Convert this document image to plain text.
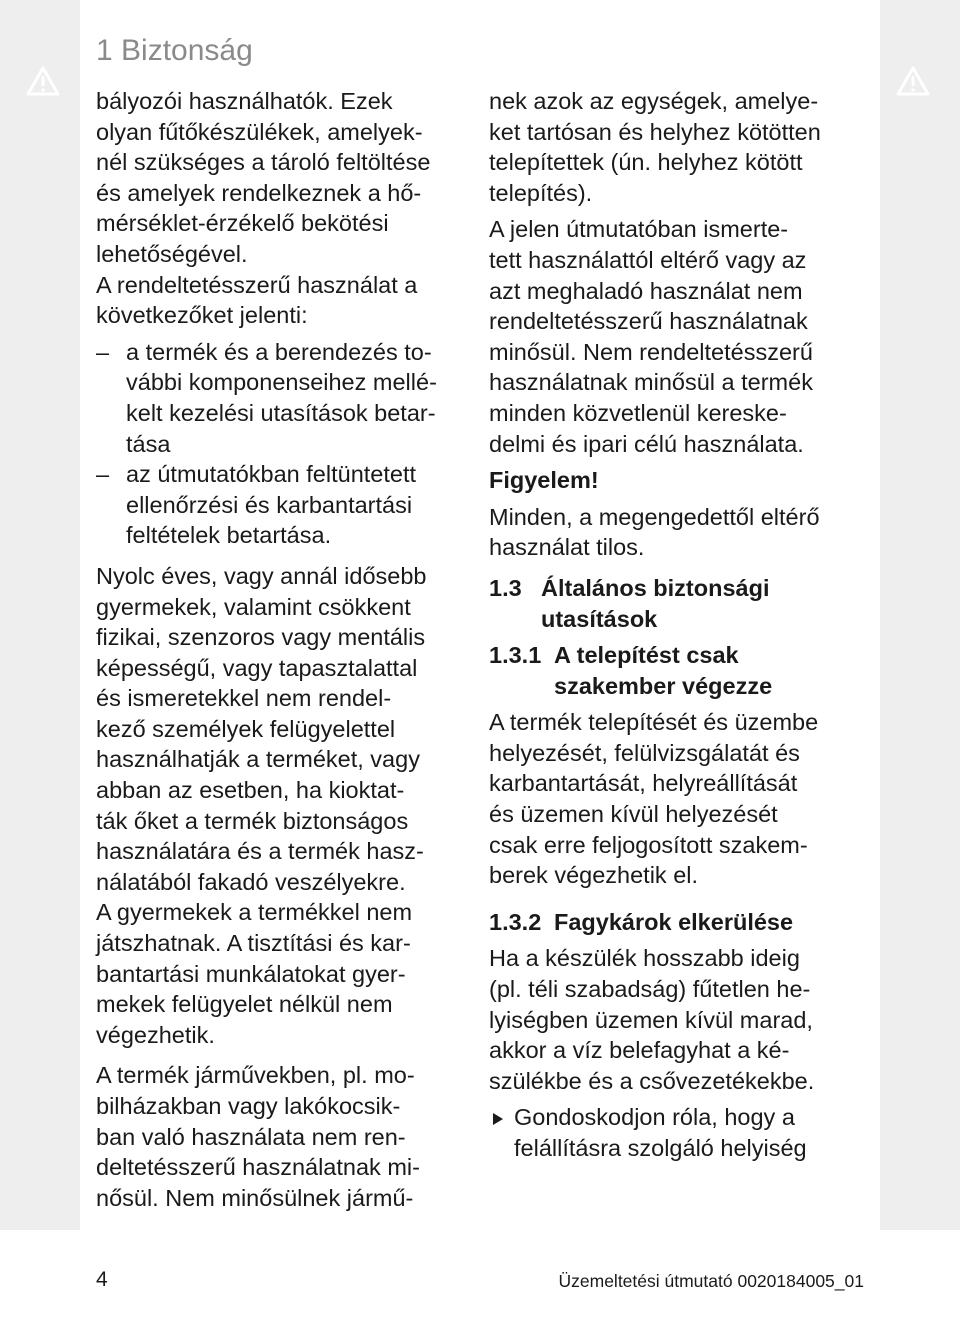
1 Biztonság

bályozói használhatók. Ezek
olyan fűtőkészülékek, amelyek-
nél szükséges a tároló feltöltése
és amelyek rendelkeznek a hő-
mérséklet-érzékelő bekötési
lehetőségével.

A rendeltetésszerű használat a
következőket jelenti:

– a termék és a berendezés to-
vábbi komponenseihez mellé-
kelt kezelési utasítások betar-
tása

– az útmutatókban feltüntetett
ellenőrzési és karbantartási
feltételek betartása.

Nyolc éves, vagy annál idősebb
gyermekek, valamint csökkent
fizikai, szenzoros vagy mentális
képességű, vagy tapasztalattal
és ismeretekkel nem rendel-
kező személyek felügyelettel
használhatják a terméket, vagy
abban az esetben, ha kioktat-
ták őket a termék biztonságos
használatára és a termék hasz-
nálatából fakadó veszélyekre.
A gyermekek a termékkel nem
játszhatnak. A tisztítási és kar-
bantartási munkálatokat gyer-
mekek felügyelet nélkül nem
végezhetik.

A termék járművekben, pl. mo-
bilházakban vagy lakókocsik-
ban való használata nem ren-
deltetésszerű használatnak mi-
nősül. Nem minősülnek jármű-

nek azok az egységek, amelye-
ket tartósan és helyhez kötötten
telepítettek (ún. helyhez kötött
telepítés).

A jelen útmutatóban ismerte-
tett használattól eltérő vagy az
azt meghaladó használat nem
rendeltetésszerű használatnak
minősül. Nem rendeltetésszerű
használatnak minősül a termék
minden közvetlenül kereske-
delmi és ipari célú használata.

Figyelem!

Minden, a megengedettől eltérő
használat tilos.

1.3 Általános biztonsági
utasítások
1.3.1 A telepítést csak
szakember végezze

A termék telepítését és üzembe
helyezését, felülvizsgálatát és
karbantartását, helyreállítását
és üzemen kívül helyezését
csak erre feljogosított szakem-
berek végezhetik el.

1.3.2 Fagykárok elkerülése

Ha a készülék hosszabb ideig
(pl. téli szabadság) fűtetlen he-
lyiségben üzemen kívül marad,
akkor a víz belefagyhat a ké-
szülékbe és a csővezetékekbe.

Gondoskodjon róla, hogy a
felállításra szolgáló helyiség

4	Üzemeltetési útmutató 0020184005_01
